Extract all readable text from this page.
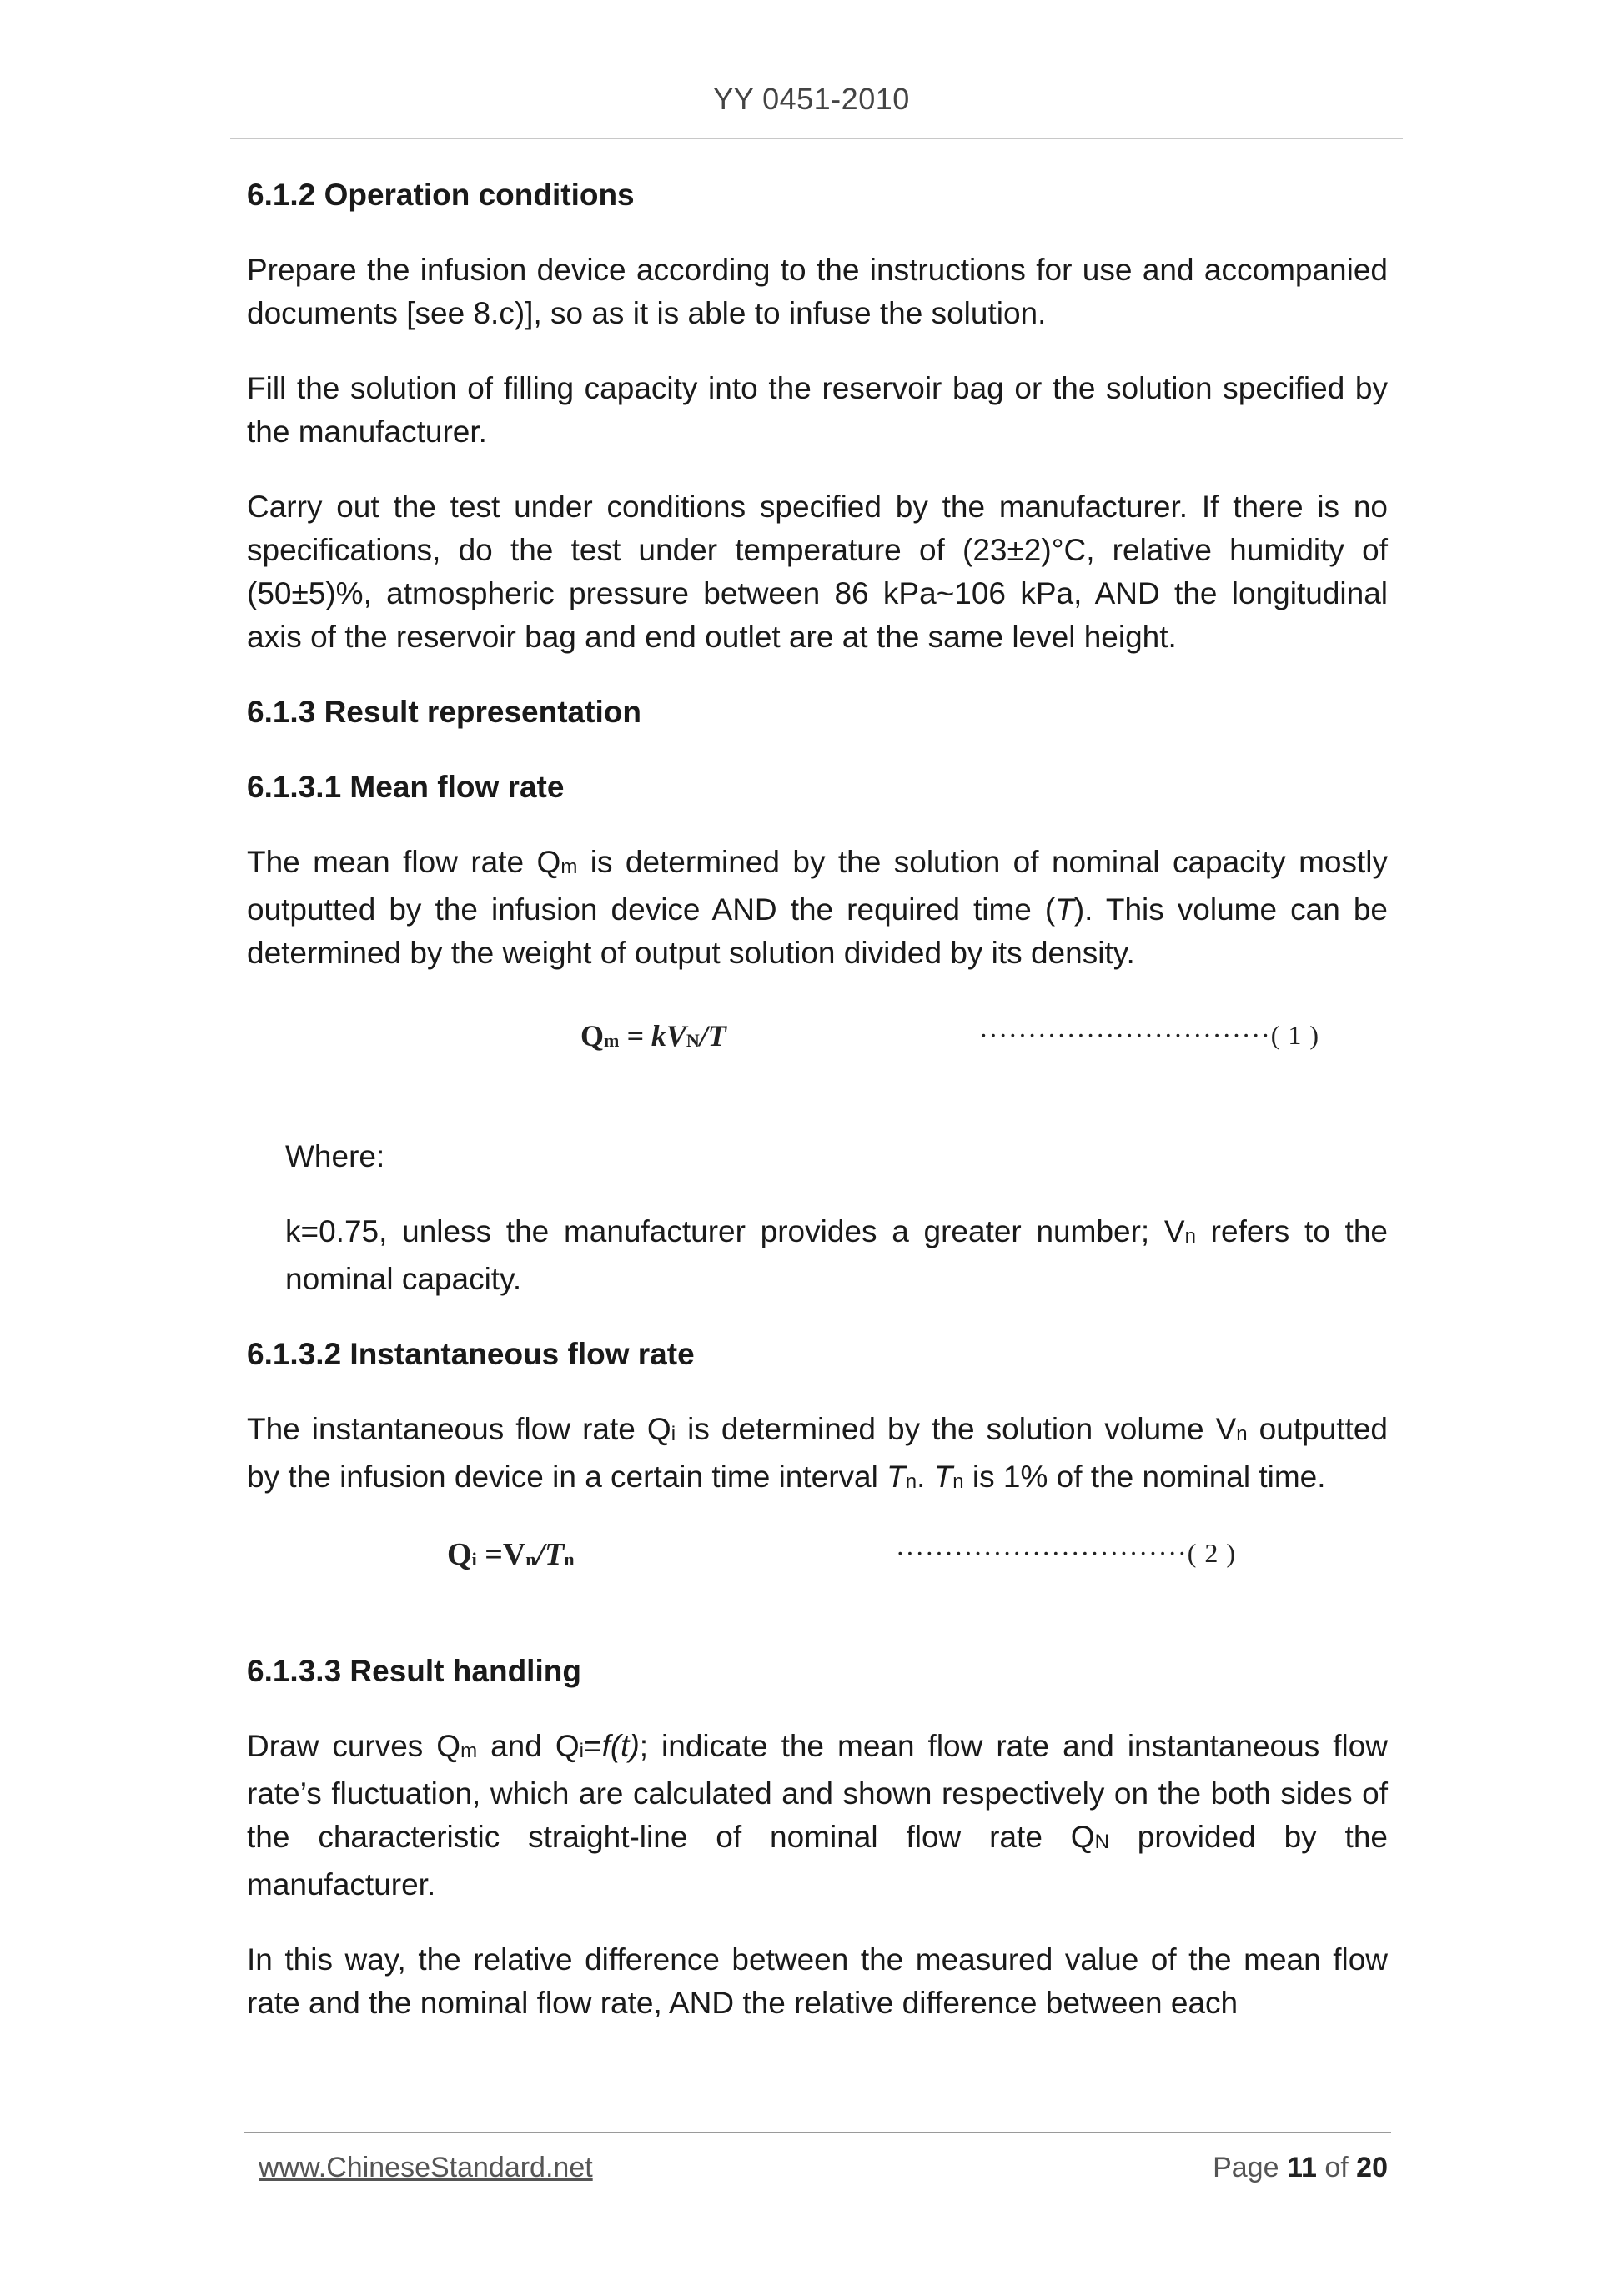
YY 0451-2010
6.1.2 Operation conditions

Prepare the infusion device according to the instructions for use and accompanied documents [see 8.c)], so as it is able to infuse the solution.

Fill the solution of filling capacity into the reservoir bag or the solution specified by the manufacturer.

Carry out the test under conditions specified by the manufacturer. If there is no specifications, do the test under temperature of (23±2)°C, relative humidity of (50±5)%, atmospheric pressure between 86 kPa~106 kPa, AND the longitudinal axis of the reservoir bag and end outlet are at the same level height.

6.1.3 Result representation
6.1.3.1 Mean flow rate

The mean flow rate $Q_m$ is determined by the solution of nominal capacity mostly outputted by the infusion device AND the required time (T). This volume can be determined by the weight of output solution divided by its density.

$Q_m = kV_N/T$	······························( 1 )

Where:

k=0.75, unless the manufacturer provides a greater number; $V_n$ refers to the nominal capacity.

6.1.3.2 Instantaneous flow rate

The instantaneous flow rate $Q_i$ is determined by the solution volume $V_n$ outputted by the infusion device in a certain time interval $T_n$. $T_n$ is 1% of the nominal time.

$Q_i =V_n/T_n$	······························( 2 )
6.1.3.3 Result handling

Draw curves $Q_m$ and $Q_i=f(t)$; indicate the mean flow rate and instantaneous flow rate’s fluctuation, which are calculated and shown respectively on the both sides of the characteristic straight-line of nominal flow rate $Q_N$ provided by the manufacturer.

In this way, the relative difference between the measured value of the mean flow rate and the nominal flow rate, AND the relative difference between each

www.ChineseStandard.net	Page 11 of 20
